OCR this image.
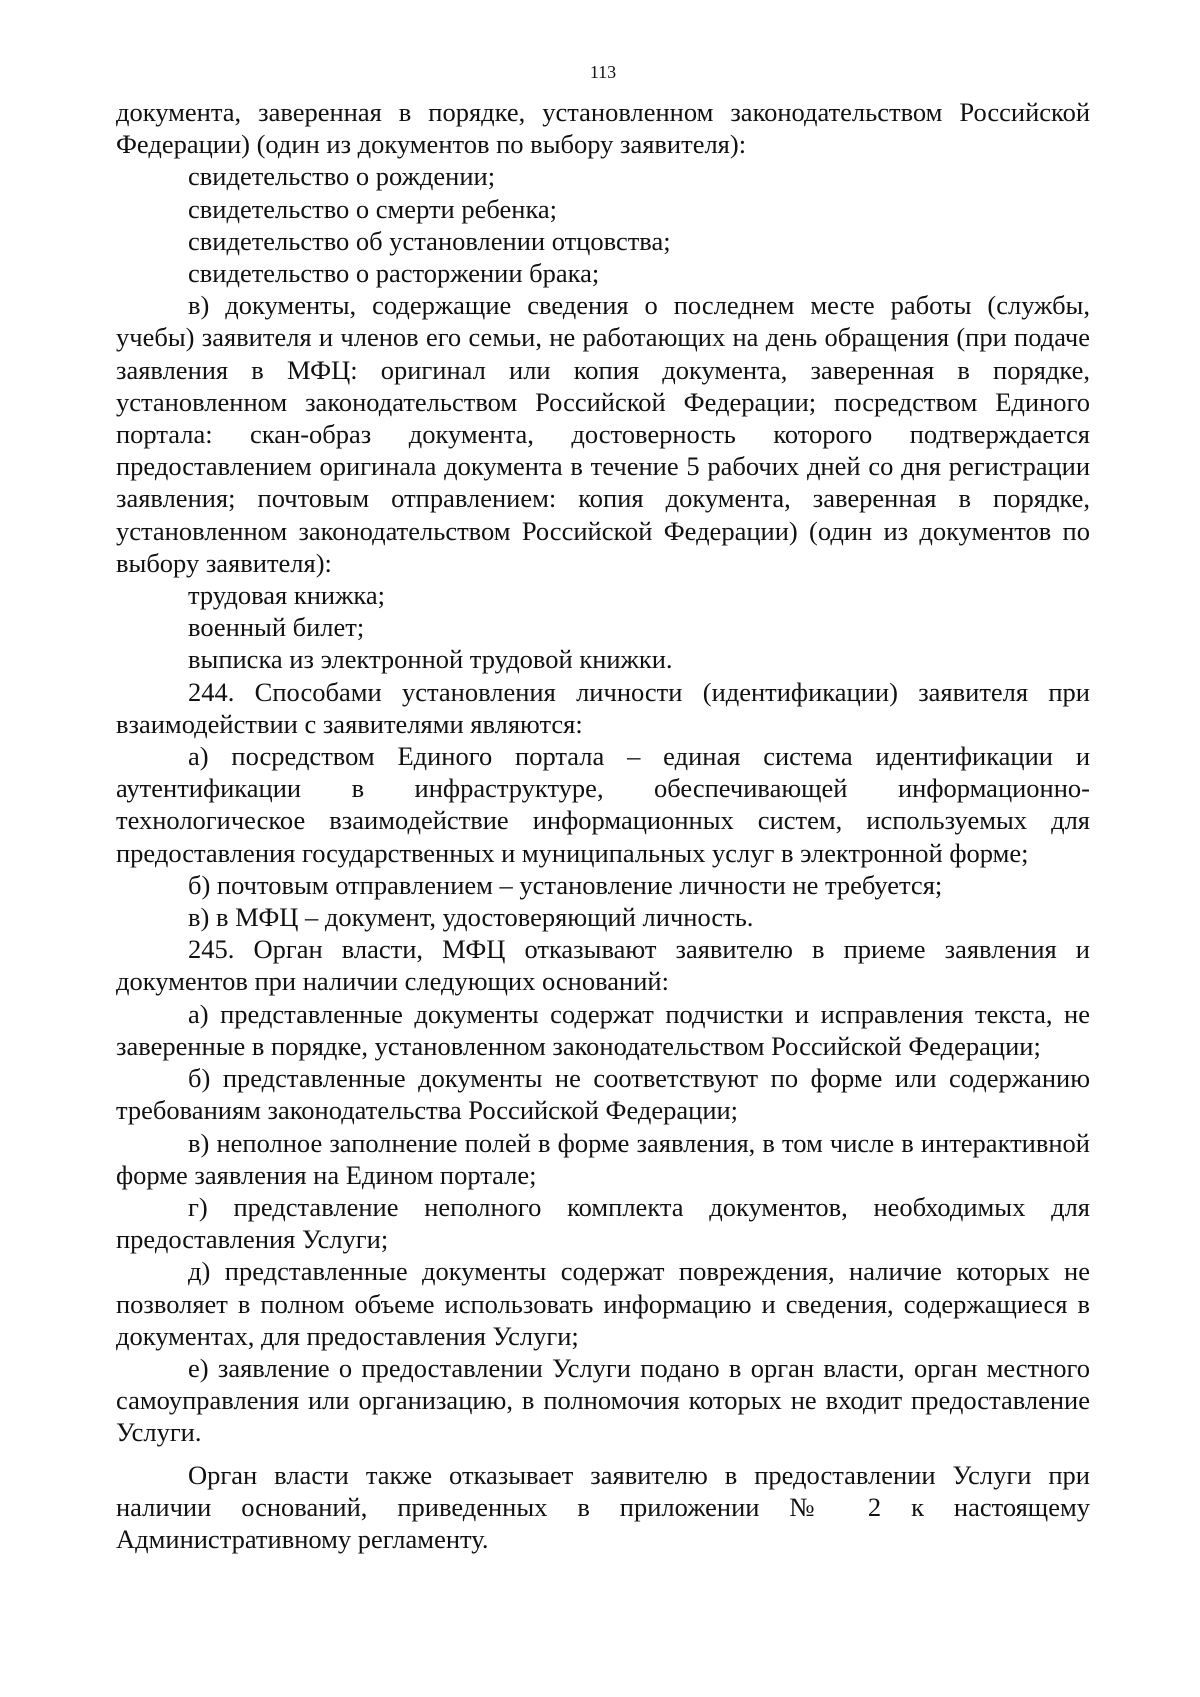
113

документа, заверенная в порядке, установленном законодательством Российской Федерации) (один из документов по выбору заявителя):

свидетельство о рождении;

свидетельство о смерти ребенка;

свидетельство об установлении отцовства;

свидетельство о расторжении брака;

в) документы, содержащие сведения о последнем месте работы (службы, учебы) заявителя и членов его семьи, не работающих на день обращения (при подаче заявления в МФЦ: оригинал или копия документа, заверенная в порядке, установленном законодательством Российской Федерации; посредством Единого портала: скан-образ документа, достоверность которого подтверждается предоставлением оригинала документа в течение 5 рабочих дней со дня регистрации заявления; почтовым отправлением: копия документа, заверенная в порядке, установленном законодательством Российской Федерации) (один из документов по выбору заявителя):

трудовая книжка;

военный билет;

выписка из электронной трудовой книжки.

244. Способами установления личности (идентификации) заявителя при взаимодействии с заявителями являются:

а) посредством Единого портала – единая система идентификации и аутентификации в инфраструктуре, обеспечивающей информационно-технологическое взаимодействие информационных систем, используемых для предоставления государственных и муниципальных услуг в электронной форме;

б) почтовым отправлением – установление личности не требуется;

в) в МФЦ – документ, удостоверяющий личность.

245. Орган власти, МФЦ отказывают заявителю в приеме заявления и документов при наличии следующих оснований:

а) представленные документы содержат подчистки и исправления текста, не заверенные в порядке, установленном законодательством Российской Федерации;

б) представленные документы не соответствуют по форме или содержанию требованиям законодательства Российской Федерации;

в) неполное заполнение полей в форме заявления, в том числе в интерактивной форме заявления на Едином портале;

г) представление неполного комплекта документов, необходимых для предоставления Услуги;

д) представленные документы содержат повреждения, наличие которых не позволяет в полном объеме использовать информацию и сведения, содержащиеся в документах, для предоставления Услуги;

е) заявление о предоставлении Услуги подано в орган власти, орган местного самоуправления или организацию, в полномочия которых не входит предоставление Услуги.

Орган власти также отказывает заявителю в предоставлении Услуги при наличии оснований, приведенных в приложении № 2 к настоящему Административному регламенту.
